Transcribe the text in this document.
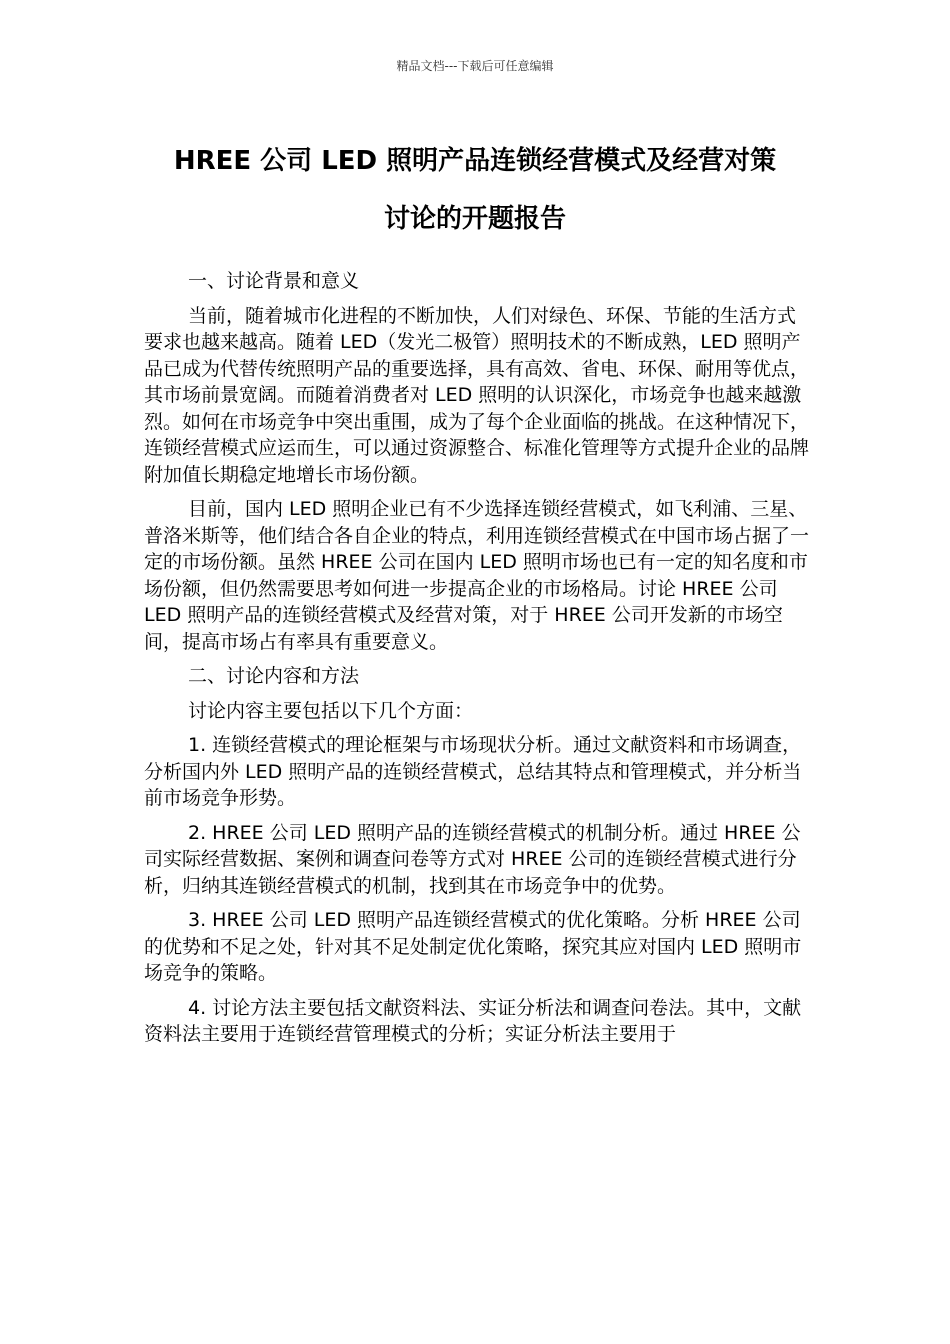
精品文档---下载后可任意编辑
HREE 公司 LED 照明产品连锁经营模式及经营对策
讨论的开题报告

一、讨论背景和意义

当前，随着城市化进程的不断加快，人们对绿色、环保、节能的生活方式要求也越来越高。随着 LED（发光二极管）照明技术的不断成熟，LED 照明产品已成为代替传统照明产品的重要选择，具有高效、省电、环保、耐用等优点，其市场前景宽阔。而随着消费者对 LED 照明的认识深化，市场竞争也越来越激烈。如何在市场竞争中突出重围，成为了每个企业面临的挑战。在这种情况下，连锁经营模式应运而生，可以通过资源整合、标准化管理等方式提升企业的品牌附加值长期稳定地增长市场份额。

目前，国内 LED 照明企业已有不少选择连锁经营模式，如飞利浦、三星、普洛米斯等，他们结合各自企业的特点，利用连锁经营模式在中国市场占据了一定的市场份额。虽然 HREE 公司在国内 LED 照明市场也已有一定的知名度和市场份额，但仍然需要思考如何进一步提高企业的市场格局。讨论 HREE 公司 LED 照明产品的连锁经营模式及经营对策，对于 HREE 公司开发新的市场空间，提高市场占有率具有重要意义。

二、讨论内容和方法

讨论内容主要包括以下几个方面：

1. 连锁经营模式的理论框架与市场现状分析。通过文献资料和市场调查，分析国内外 LED 照明产品的连锁经营模式，总结其特点和管理模式，并分析当前市场竞争形势。

2. HREE 公司 LED 照明产品的连锁经营模式的机制分析。通过 HREE 公司实际经营数据、案例和调查问卷等方式对 HREE 公司的连锁经营模式进行分析，归纳其连锁经营模式的机制，找到其在市场竞争中的优势。

3. HREE 公司 LED 照明产品连锁经营模式的优化策略。分析 HREE 公司的优势和不足之处，针对其不足处制定优化策略，探究其应对国内 LED 照明市场竞争的策略。

4. 讨论方法主要包括文献资料法、实证分析法和调查问卷法。其中，文献资料法主要用于连锁经营管理模式的分析；实证分析法主要用于
